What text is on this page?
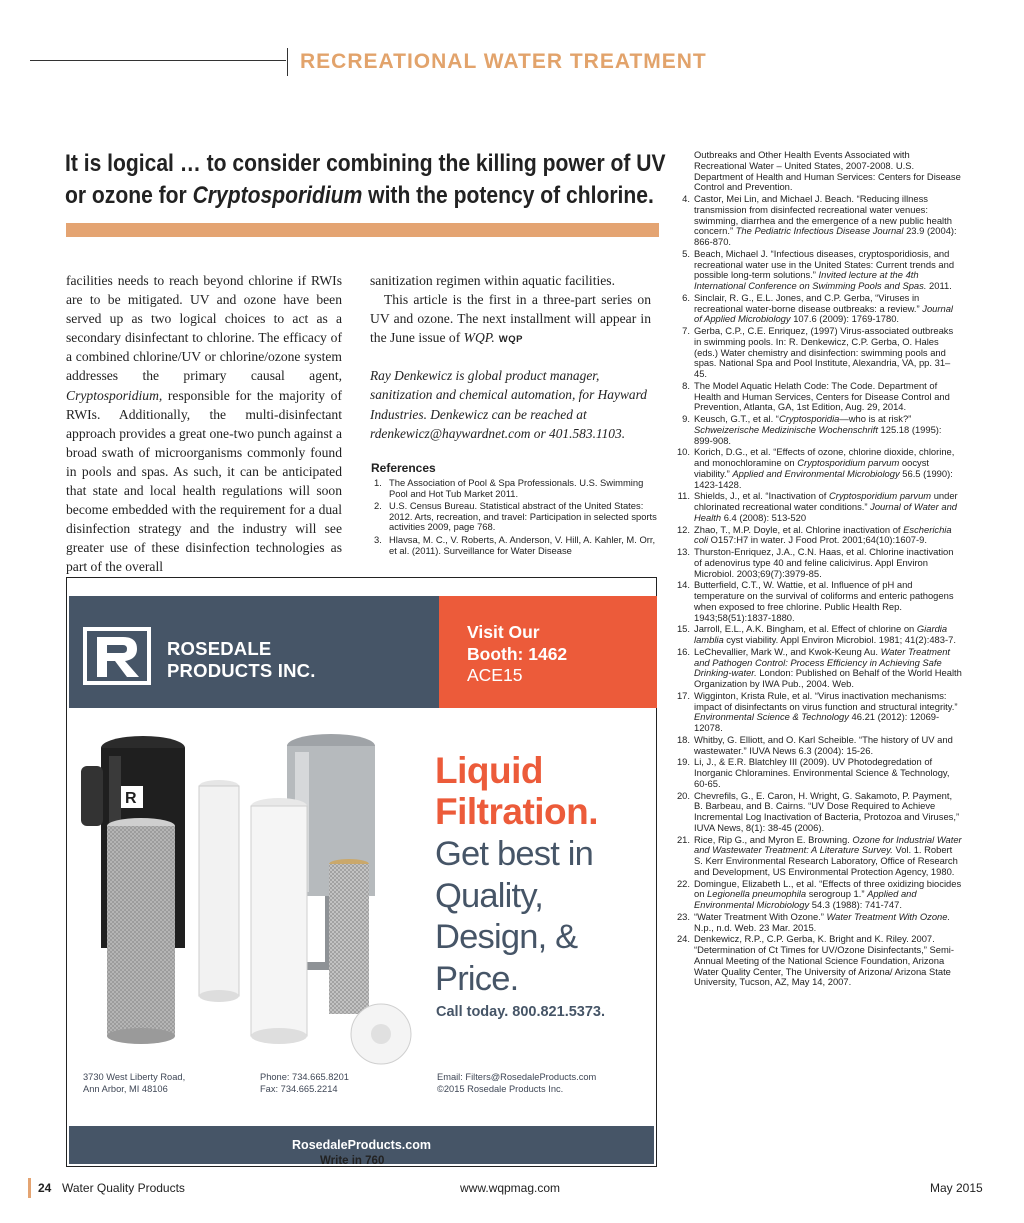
RECREATIONAL WATER TREATMENT
It is logical … to consider combining the killing power of UV
or ozone for Cryptosporidium with the potency of chlorine.

facilities needs to reach beyond chlorine if RWIs are to be mitigated. UV and ozone have been served up as two logical choices to act as a secondary disinfectant to chlorine. The efficacy of a combined chlorine/UV or chlorine/ozone system addresses the primary causal agent, Cryptosporidium, responsible for the majority of RWIs. Additionally, the multi-disinfectant approach provides a great one-two punch against a broad swath of microorganisms commonly found in pools and spas. As such, it can be anticipated that state and local health regulations will soon become embedded with the requirement for a dual disinfection strategy and the industry will see greater use of these disinfection technologies as part of the overall

sanitization regimen within aquatic facilities.

This article is the first in a three-part series on UV and ozone. The next installment will appear in the June issue of WQP. WQP

Ray Denkewicz is global product manager, sanitization and chemical automation, for Hayward Industries. Denkewicz can be reached at rdenkewicz@haywardnet.com or 401.583.1103.
References
1. The Association of Pool & Spa Professionals. U.S. Swimming Pool and Hot Tub Market 2011.
2. U.S. Census Bureau. Statistical abstract of the United States: 2012. Arts, recreation, and travel: Participation in selected sports activities 2009, page 768.
3. Hlavsa, M. C., V. Roberts, A. Anderson, V. Hill, A. Kahler, M. Orr, et al. (2011). Surveillance for Water Disease
Outbreaks and Other Health Events Associated with Recreational Water – United States, 2007-2008. U.S. Department of Health and Human Services: Centers for Disease Control and Prevention.
4. Castor, Mei Lin, and Michael J. Beach. “Reducing illness transmission from disinfected recreational water venues: swimming, diarrhea and the emergence of a new public health concern.” The Pediatric Infectious Disease Journal 23.9 (2004): 866-870.
5. Beach, Michael J. “Infectious diseases, cryptosporidiosis, and recreational water use in the United States: Current trends and possible long-term solutions.” Invited lecture at the 4th International Conference on Swimming Pools and Spas. 2011.
6. Sinclair, R. G., E.L. Jones, and C.P. Gerba, “Viruses in recreational water-borne disease outbreaks: a review.” Journal of Applied Microbiology 107.6 (2009): 1769-1780.
7. Gerba, C.P., C.E. Enriquez, (1997) Virus-associated outbreaks in swimming pools. In: R. Denkewicz, C.P. Gerba, O. Hales (eds.) Water chemistry and disinfection: swimming pools and spas. National Spa and Pool Institute, Alexandria, VA, pp. 31–45.
8. The Model Aquatic Helath Code: The Code. Department of Health and Human Services, Centers for Disease Control and Prevention, Atlanta, GA, 1st Edition, Aug. 29, 2014.
9. Keusch, G.T., et al. “Cryptosporidia—who is at risk?” Schweizerische Medizinische Wochenschrift 125.18 (1995): 899-908.
10. Korich, D.G., et al. “Effects of ozone, chlorine dioxide, chlorine, and monochloramine on Cryptosporidium parvum oocyst viability.” Applied and Environmental Microbiology 56.5 (1990): 1423-1428.
11. Shields, J., et al. “Inactivation of Cryptosporidium parvum under chlorinated recreational water conditions.” Journal of Water and Health 6.4 (2008): 513-520
12. Zhao, T., M.P. Doyle, et al. Chlorine inactivation of Escherichia coli O157:H7 in water. J Food Prot. 2001;64(10):1607-9.
13. Thurston-Enriquez, J.A., C.N. Haas, et al. Chlorine inactivation of adenovirus type 40 and feline calicivirus. Appl Environ Microbiol. 2003;69(7):3979-85.
14. Butterfield, C.T., W. Wattie, et al. Influence of pH and temperature on the survival of coliforms and enteric pathogens when exposed to free chlorine. Public Health Rep. 1943;58(51):1837-1880.
15. Jarroll, E.L., A.K. Bingham, et al. Effect of chlorine on Giardia lamblia cyst viability. Appl Environ Microbiol. 1981; 41(2):483-7.
16. LeChevallier, Mark W., and Kwok-Keung Au. Water Treatment and Pathogen Control: Process Efficiency in Achieving Safe Drinking-water. London: Published on Behalf of the World Health Organization by IWA Pub., 2004. Web.
17. Wigginton, Krista Rule, et al. “Virus inactivation mechanisms: impact of disinfectants on virus function and structural integrity.” Environmental Science & Technology 46.21 (2012): 12069-12078.
18. Whitby, G. Elliott, and O. Karl Scheible. “The history of UV and wastewater.” IUVA News 6.3 (2004): 15-26.
19. Li, J., & E.R. Blatchley III (2009). UV Photodegredation of Inorganic Chloramines. Environmental Science & Technology, 60-65.
20. Chevrefils, G., E. Caron, H. Wright, G. Sakamoto, P. Payment, B. Barbeau, and B. Cairns. “UV Dose Required to Achieve Incremental Log Inactivation of Bacteria, Protozoa and Viruses,” IUVA News, 8(1): 38-45 (2006).
21. Rice, Rip G., and Myron E. Browning. Ozone for Industrial Water and Wastewater Treatment: A Literature Survey. Vol. 1. Robert S. Kerr Environmental Research Laboratory, Office of Research and Development, US Environmental Protection Agency, 1980.
22. Domingue, Elizabeth L., et al. “Effects of three oxidizing biocides on Legionella pneumophila serogroup 1.” Applied and Environmental Microbiology 54.3 (1988): 741-747.
23. “Water Treatment With Ozone.” Water Treatment With Ozone. N.p., n.d. Web. 23 Mar. 2015.
24. Denkewicz, R.P., C.P. Gerba, K. Bright and K. Riley. 2007. “Determination of Ct Times for UV/Ozone Disinfectants,” Semi-Annual Meeting of the National Science Foundation, Arizona Water Quality Center, The University of Arizona/ Arizona State University, Tucson, AZ, May 14, 2007.
ROSEDALE
PRODUCTS INC.
Visit Our
Booth: 1462
ACE15
R
Liquid
Filtration.
Get best in
Quality,
Design, &
Price.
Call today. 800.821.5373.
3730 West Liberty Road,
Ann Arbor, MI 48106
Phone: 734.665.8201
Fax: 734.665.2214
Email: Filters@RosedaleProducts.com
©2015 Rosedale Products Inc.
RosedaleProducts.com
Write in 760
24 Water Quality Products	www.wqpmag.com	May 2015
